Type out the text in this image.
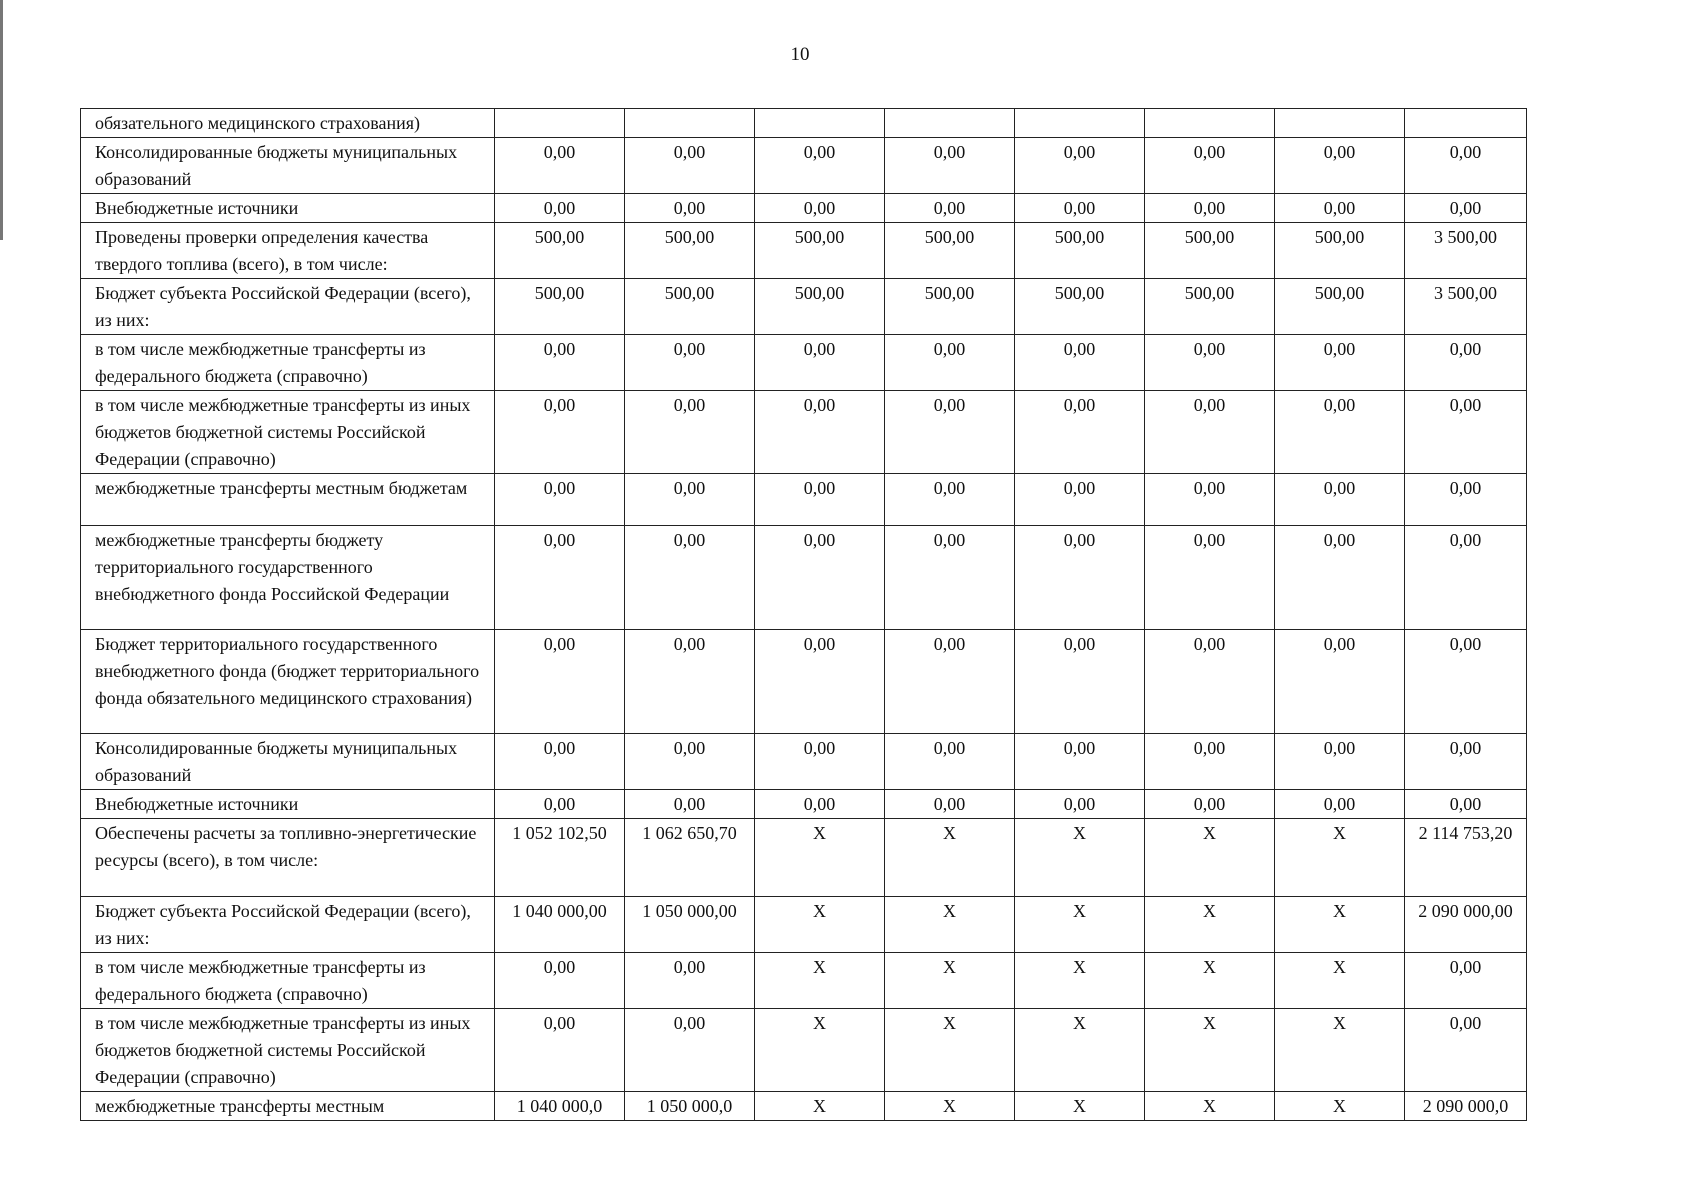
10
обязательного медицинского страхования)								
Консолидированные бюджеты муниципальных образований	0,00	0,00	0,00	0,00	0,00	0,00	0,00	0,00
Внебюджетные источники	0,00	0,00	0,00	0,00	0,00	0,00	0,00	0,00
Проведены проверки определения качества твердого топлива (всего), в том числе:	500,00	500,00	500,00	500,00	500,00	500,00	500,00	3 500,00
Бюджет субъекта Российской Федерации (всего), из них:	500,00	500,00	500,00	500,00	500,00	500,00	500,00	3 500,00
в том числе межбюджетные трансферты из федерального бюджета (справочно)	0,00	0,00	0,00	0,00	0,00	0,00	0,00	0,00
в том числе межбюджетные трансферты из иных бюджетов бюджетной системы Российской Федерации (справочно)	0,00	0,00	0,00	0,00	0,00	0,00	0,00	0,00
межбюджетные трансферты местным бюджетам	0,00	0,00	0,00	0,00	0,00	0,00	0,00	0,00
межбюджетные трансферты бюджету территориального государственного внебюджетного фонда Российской Федерации	0,00	0,00	0,00	0,00	0,00	0,00	0,00	0,00
Бюджет территориального государственного внебюджетного фонда (бюджет территориального фонда обязательного медицинского страхования)	0,00	0,00	0,00	0,00	0,00	0,00	0,00	0,00
Консолидированные бюджеты муниципальных образований	0,00	0,00	0,00	0,00	0,00	0,00	0,00	0,00
Внебюджетные источники	0,00	0,00	0,00	0,00	0,00	0,00	0,00	0,00
Обеспечены расчеты за топливно-энергетические ресурсы (всего), в том числе:	1 052 102,50	1 062 650,70	X	X	X	X	X	2 114 753,20
Бюджет субъекта Российской Федерации (всего), из них:	1 040 000,00	1 050 000,00	X	X	X	X	X	2 090 000,00
в том числе межбюджетные трансферты из федерального бюджета (справочно)	0,00	0,00	X	X	X	X	X	0,00
в том числе межбюджетные трансферты из иных бюджетов бюджетной системы Российской Федерации (справочно)	0,00	0,00	X	X	X	X	X	0,00
межбюджетные трансферты местным	1 040 000,0	1 050 000,0	X	X	X	X	X	2 090 000,0
